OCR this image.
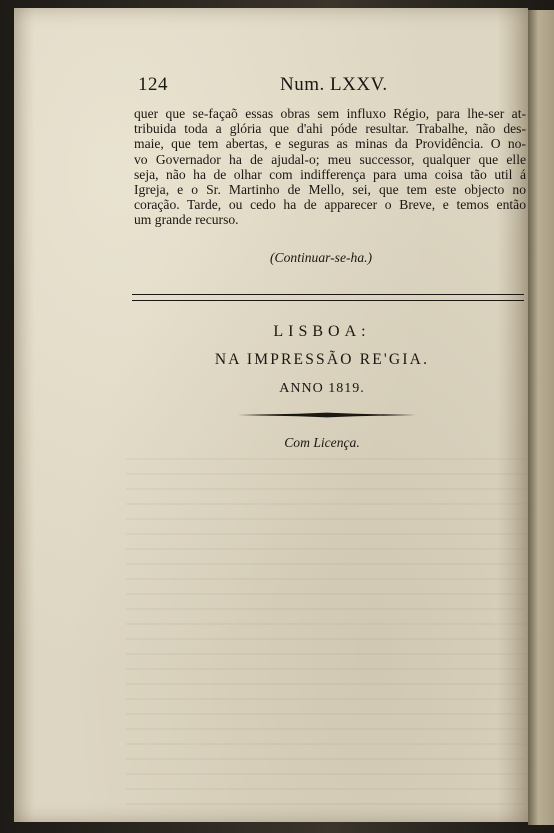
124	Num. LXXV.
quer que se-façaõ essas obras sem influxo Régio, para lhe-ser at-
tribuida toda a glória que d'ahi póde resultar. Trabalhe, não des-
maie, que tem abertas, e seguras as minas da Providência. O no-
vo Governador ha de ajudal-o; meu successor, qualquer que elle
seja, não ha de olhar com indifferença para uma coisa tão util á
Igreja, e o Sr. Martinho de Mello, sei, que tem este objecto no
coração. Tarde, ou cedo ha de apparecer o Breve, e temos então
um grande recurso.
(Continuar-se-ha.)
LISBOA:
NA IMPRESSÃO RE'GIA.
ANNO 1819.
Com Licença.
